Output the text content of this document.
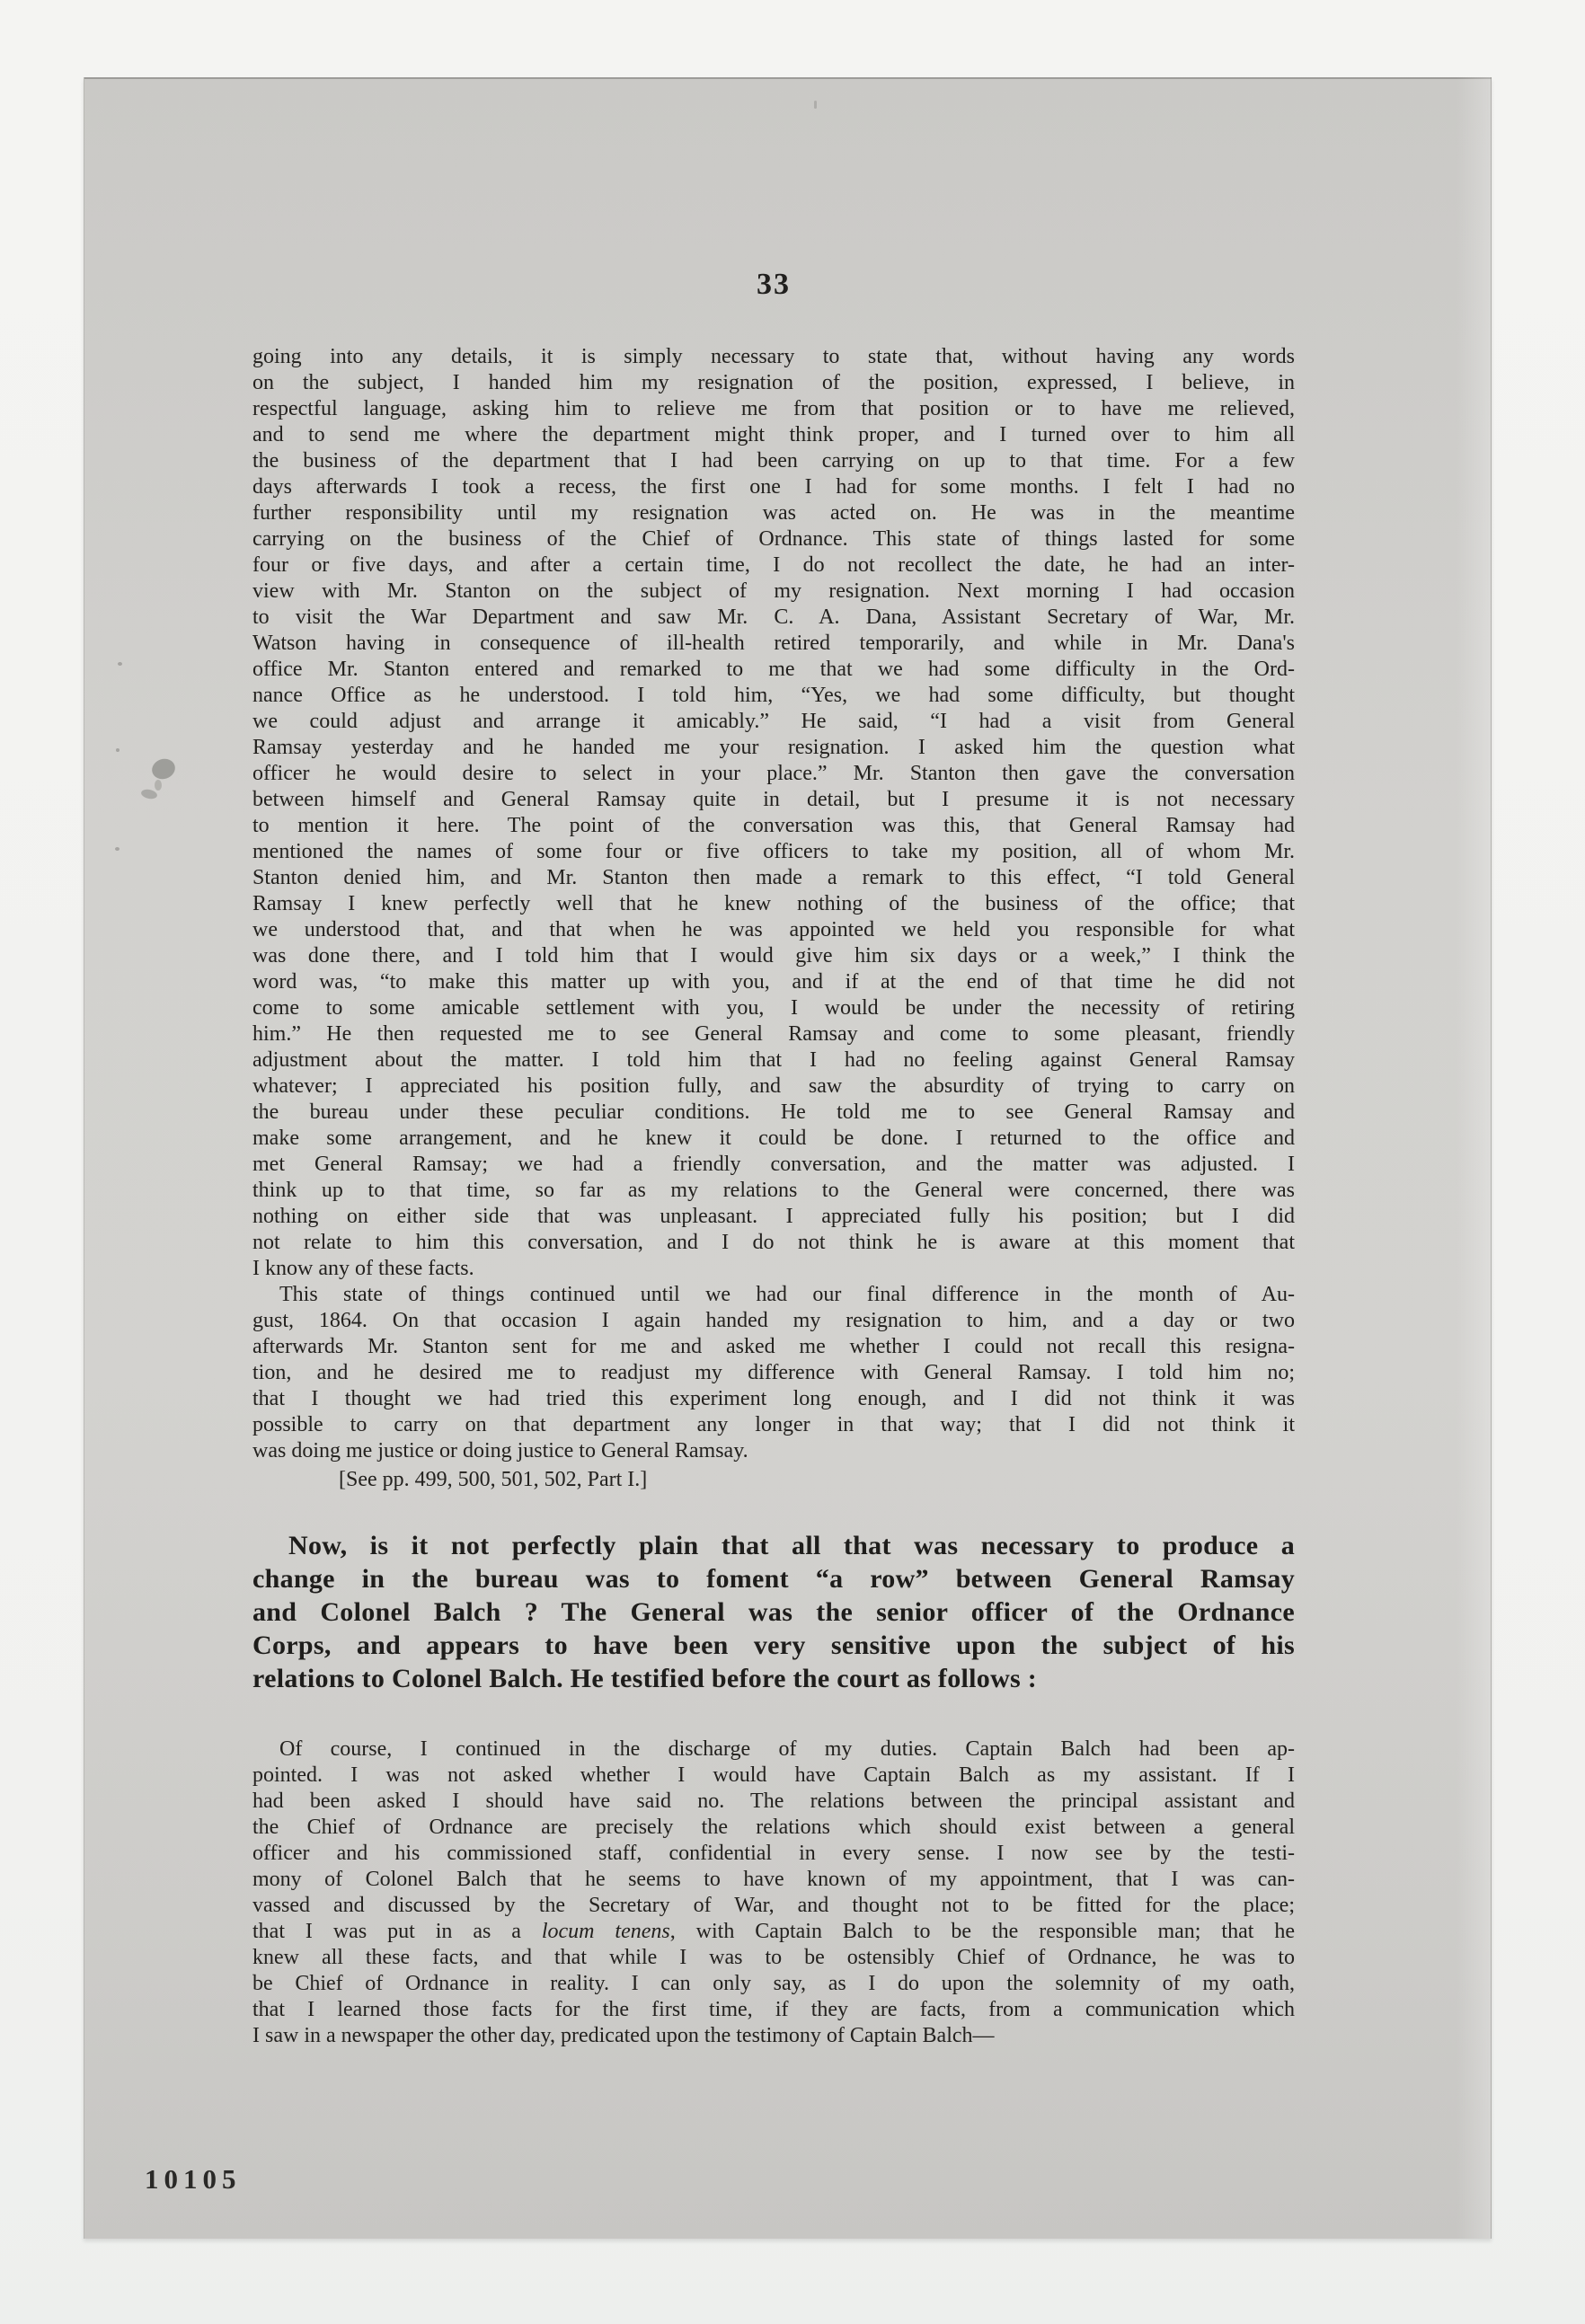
33
going into any details, it is simply necessary to state that, without having any words
on the subject, I handed him my resignation of the position, expressed, I believe, in
respectful language, asking him to relieve me from that position or to have me relieved,
and to send me where the department might think proper, and I turned over to him all
the business of the department that I had been carrying on up to that time. For a few
days afterwards I took a recess, the first one I had for some months. I felt I had no
further responsibility until my resignation was acted on. He was in the meantime
carrying on the business of the Chief of Ordnance. This state of things lasted for some
four or five days, and after a certain time, I do not recollect the date, he had an inter-
view with Mr. Stanton on the subject of my resignation. Next morning I had occasion
to visit the War Department and saw Mr. C. A. Dana, Assistant Secretary of War, Mr.
Watson having in consequence of ill-health retired temporarily, and while in Mr. Dana's
office Mr. Stanton entered and remarked to me that we had some difficulty in the Ord-
nance Office as he understood. I told him, “Yes, we had some difficulty, but thought
we could adjust and arrange it amicably.” He said, “I had a visit from General
Ramsay yesterday and he handed me your resignation. I asked him the question what
officer he would desire to select in your place.” Mr. Stanton then gave the conversation
between himself and General Ramsay quite in detail, but I presume it is not necessary
to mention it here. The point of the conversation was this, that General Ramsay had
mentioned the names of some four or five officers to take my position, all of whom Mr.
Stanton denied him, and Mr. Stanton then made a remark to this effect, “I told General
Ramsay I knew perfectly well that he knew nothing of the business of the office; that
we understood that, and that when he was appointed we held you responsible for what
was done there, and I told him that I would give him six days or a week,” I think the
word was, “to make this matter up with you, and if at the end of that time he did not
come to some amicable settlement with you, I would be under the necessity of retiring
him.” He then requested me to see General Ramsay and come to some pleasant, friendly
adjustment about the matter. I told him that I had no feeling against General Ramsay
whatever; I appreciated his position fully, and saw the absurdity of trying to carry on
the bureau under these peculiar conditions. He told me to see General Ramsay and
make some arrangement, and he knew it could be done. I returned to the office and
met General Ramsay; we had a friendly conversation, and the matter was adjusted. I
think up to that time, so far as my relations to the General were concerned, there was
nothing on either side that was unpleasant. I appreciated fully his position; but I did
not relate to him this conversation, and I do not think he is aware at this moment that
I know any of these facts.
This state of things continued until we had our final difference in the month of Au-
gust, 1864. On that occasion I again handed my resignation to him, and a day or two
afterwards Mr. Stanton sent for me and asked me whether I could not recall this resigna-
tion, and he desired me to readjust my difference with General Ramsay. I told him no;
that I thought we had tried this experiment long enough, and I did not think it was
possible to carry on that department any longer in that way; that I did not think it
was doing me justice or doing justice to General Ramsay.
[See pp. 499, 500, 501, 502, Part I.]
Now, is it not perfectly plain that all that was necessary to produce a
change in the bureau was to foment “a row” between General Ramsay
and Colonel Balch ? The General was the senior officer of the Ordnance
Corps, and appears to have been very sensitive upon the subject of his
relations to Colonel Balch. He testified before the court as follows :
Of course, I continued in the discharge of my duties. Captain Balch had been ap-
pointed. I was not asked whether I would have Captain Balch as my assistant. If I
had been asked I should have said no. The relations between the principal assistant and
the Chief of Ordnance are precisely the relations which should exist between a general
officer and his commissioned staff, confidential in every sense. I now see by the testi-
mony of Colonel Balch that he seems to have known of my appointment, that I was can-
vassed and discussed by the Secretary of War, and thought not to be fitted for the place;
that I was put in as a locum tenens, with Captain Balch to be the responsible man; that he
knew all these facts, and that while I was to be ostensibly Chief of Ordnance, he was to
be Chief of Ordnance in reality. I can only say, as I do upon the solemnity of my oath,
that I learned those facts for the first time, if they are facts, from a communication which
I saw in a newspaper the other day, predicated upon the testimony of Captain Balch—
10105
